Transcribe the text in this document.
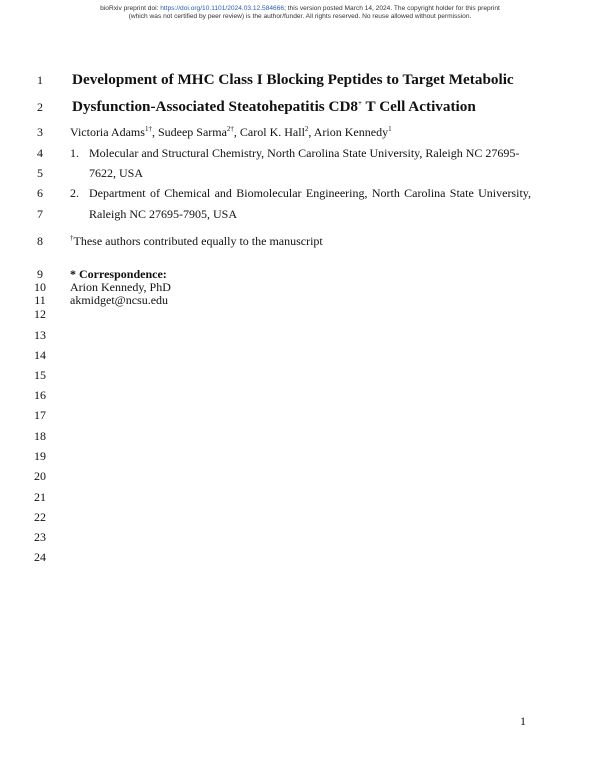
bioRxiv preprint doi: https://doi.org/10.1101/2024.03.12.584666; this version posted March 14, 2024. The copyright holder for this preprint
(which was not certified by peer review) is the author/funder. All rights reserved. No reuse allowed without permission.
1
2
3
4
5
6
7
8
9
10
11
12
13
14
15
16
17
18
19
20
21
22
23
24
Development of MHC Class I Blocking Peptides to Target Metabolic
Dysfunction-Associated Steatohepatitis CD8+ T Cell Activation
Victoria Adams$^{1\dagger}$, Sudeep Sarma$^{2\dagger}$, Carol K. Hall$^2$, Arion Kennedy$^1$
1. Molecular and Structural Chemistry, North Carolina State University, Raleigh NC 27695-
7622, USA
2. Department of Chemical and Biomolecular Engineering, North Carolina State University,
Raleigh NC 27695-7905, USA
†These authors contributed equally to the manuscript
* Correspondence:
Arion Kennedy, PhD
akmidget@ncsu.edu
1
